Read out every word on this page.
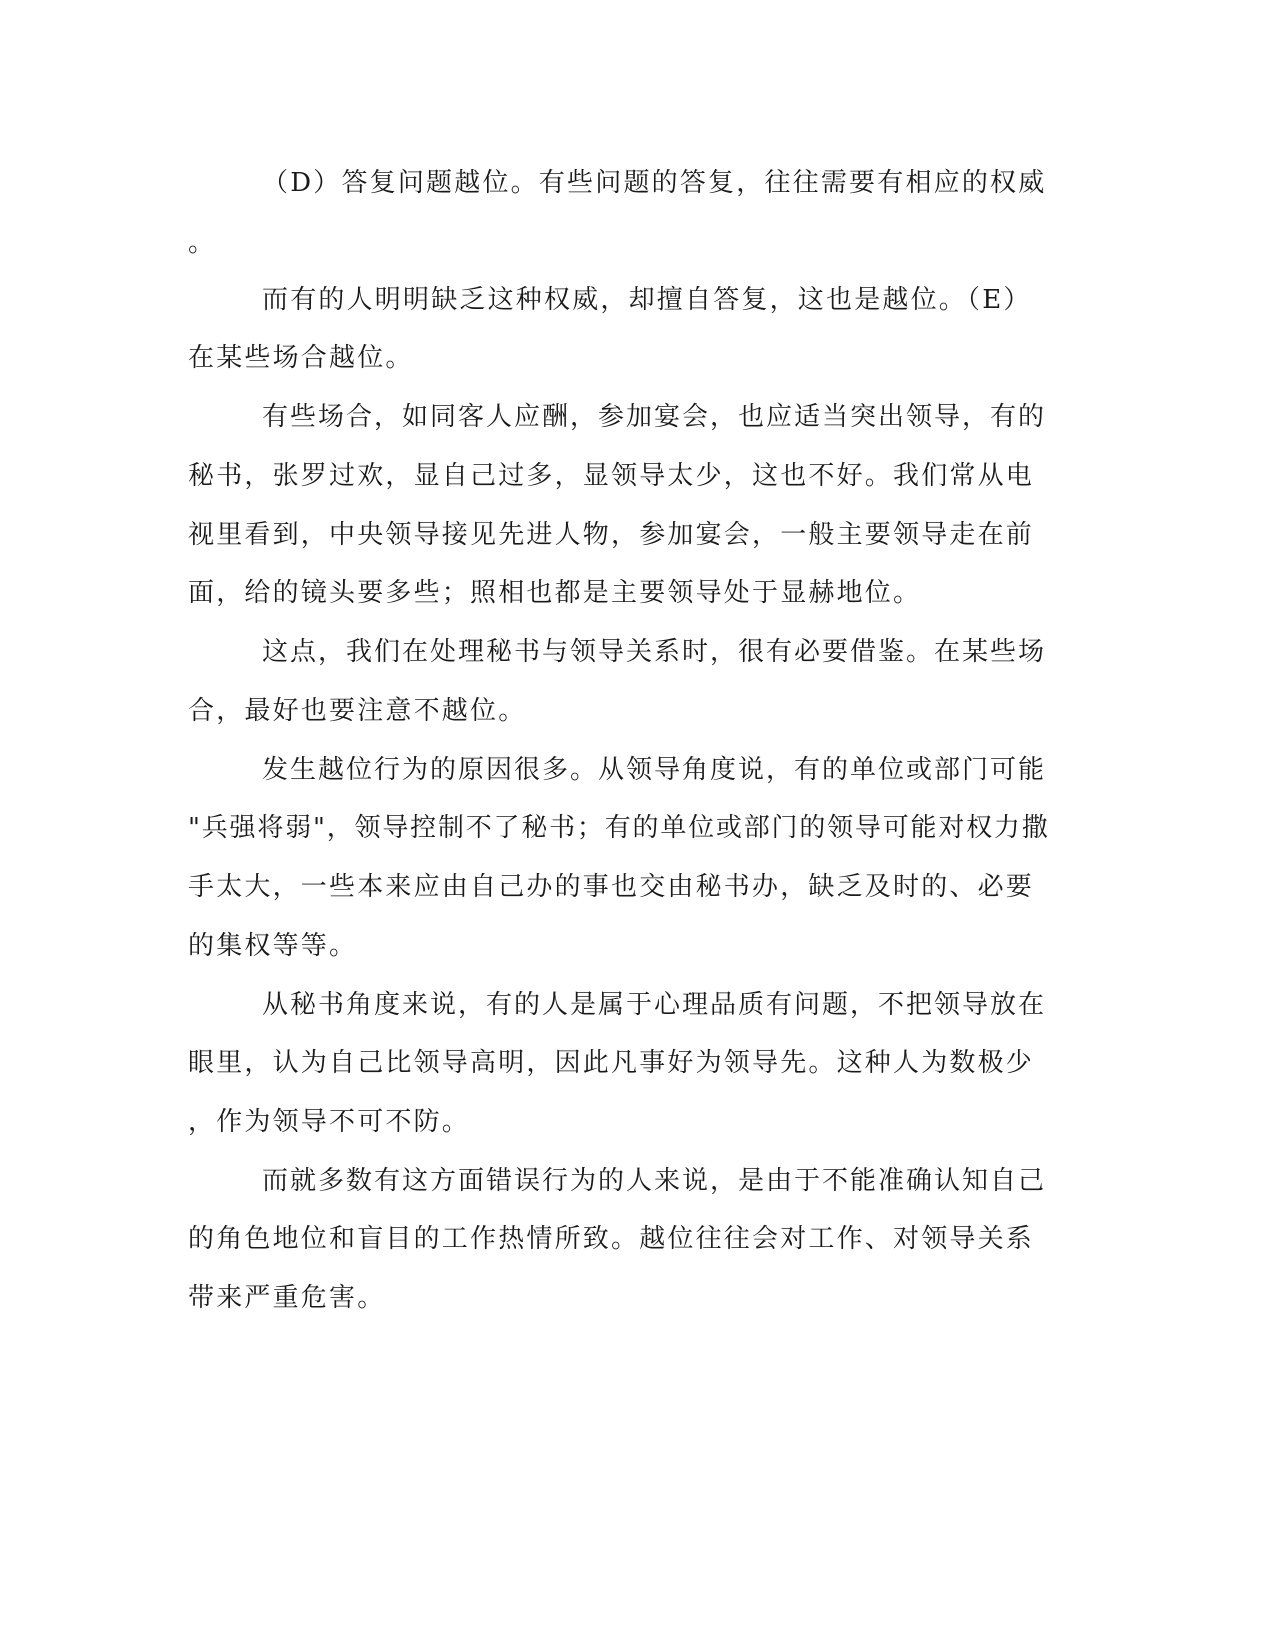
（D）答复问题越位。有些问题的答复，往往需要有相应的权威
。
而有的人明明缺乏这种权威，却擅自答复，这也是越位。（E）
在某些场合越位。
有些场合，如同客人应酬，参加宴会，也应适当突出领导，有的
秘书，张罗过欢，显自己过多，显领导太少，这也不好。我们常从电
视里看到，中央领导接见先进人物，参加宴会，一般主要领导走在前
面，给的镜头要多些；照相也都是主要领导处于显赫地位。
这点，我们在处理秘书与领导关系时，很有必要借鉴。在某些场
合，最好也要注意不越位。
发生越位行为的原因很多。从领导角度说，有的单位或部门可能
"兵强将弱"，领导控制不了秘书；有的单位或部门的领导可能对权力撒
手太大，一些本来应由自己办的事也交由秘书办，缺乏及时的、必要
的集权等等。
从秘书角度来说，有的人是属于心理品质有问题，不把领导放在
眼里，认为自己比领导高明，因此凡事好为领导先。这种人为数极少
，作为领导不可不防。
而就多数有这方面错误行为的人来说，是由于不能准确认知自己
的角色地位和盲目的工作热情所致。越位往往会对工作、对领导关系
带来严重危害。
